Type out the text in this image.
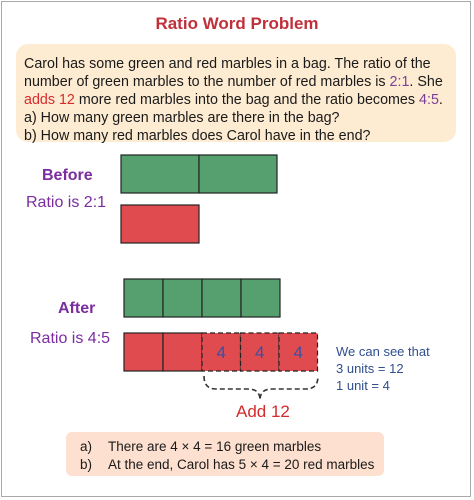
Ratio Word Problem
Carol has some green and red marbles in a bag. The ratio of the number of green marbles to the number of red marbles is 2:1. She adds 12 more red marbles into the bag and the ratio becomes 4:5.
a) How many green marbles are there in the bag?
b) How many red marbles does Carol have in the end?
Before
Ratio is 2:1
After
Ratio is 4:5
4 4 4	We can see that
3 units = 12
1 unit = 4
Add 12
a) There are 4 × 4 = 16 green marbles
b) At the end, Carol has 5 × 4 = 20 red marbles
